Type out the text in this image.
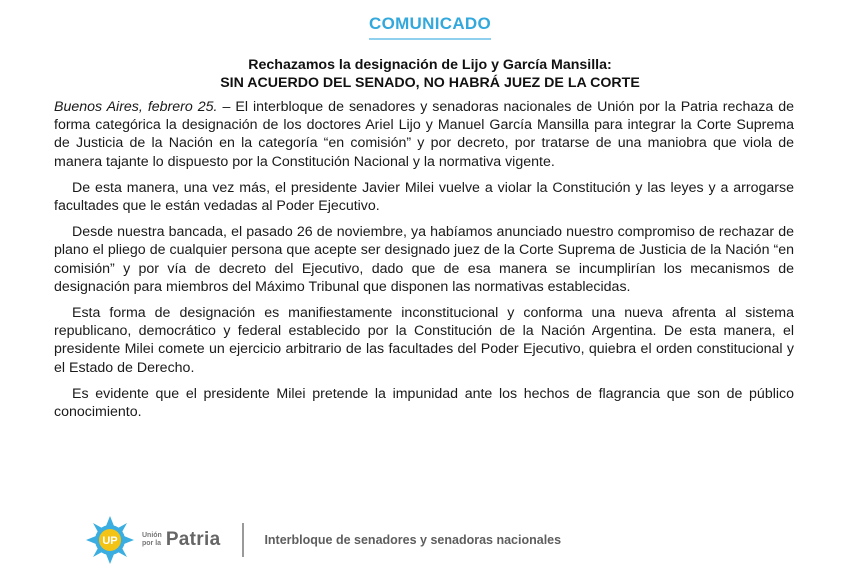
COMUNICADO
Rechazamos la designación de Lijo y García Mansilla:
SIN ACUERDO DEL SENADO, NO HABRÁ JUEZ DE LA CORTE

Buenos Aires, febrero 25. – El interbloque de senadores y senadoras nacionales de Unión por la Patria rechaza de forma categórica la designación de los doctores Ariel Lijo y Manuel García Mansilla para integrar la Corte Suprema de Justicia de la Nación en la categoría “en comisión” y por decreto, por tratarse de una maniobra que viola de manera tajante lo dispuesto por la Constitución Nacional y la normativa vigente.

De esta manera, una vez más, el presidente Javier Milei vuelve a violar la Constitución y las leyes y a arrogarse facultades que le están vedadas al Poder Ejecutivo.

Desde nuestra bancada, el pasado 26 de noviembre, ya habíamos anunciado nuestro compromiso de rechazar de plano el pliego de cualquier persona que acepte ser designado juez de la Corte Suprema de Justicia de la Nación “en comisión” y por vía de decreto del Ejecutivo, dado que de esa manera se incumplirían los mecanismos de designación para miembros del Máximo Tribunal que disponen las normativas establecidas.

Esta forma de designación es manifiestamente inconstitucional y conforma una nueva afrenta al sistema republicano, democrático y federal establecido por la Constitución de la Nación Argentina. De esta manera, el presidente Milei comete un ejercicio arbitrario de las facultades del Poder Ejecutivo, quiebra el orden constitucional y el Estado de Derecho.

Es evidente que el presidente Milei pretende la impunidad ante los hechos de flagrancia que son de público conocimiento.

UP	Unión
por la Patria	Interbloque de senadores y senadoras nacionales
